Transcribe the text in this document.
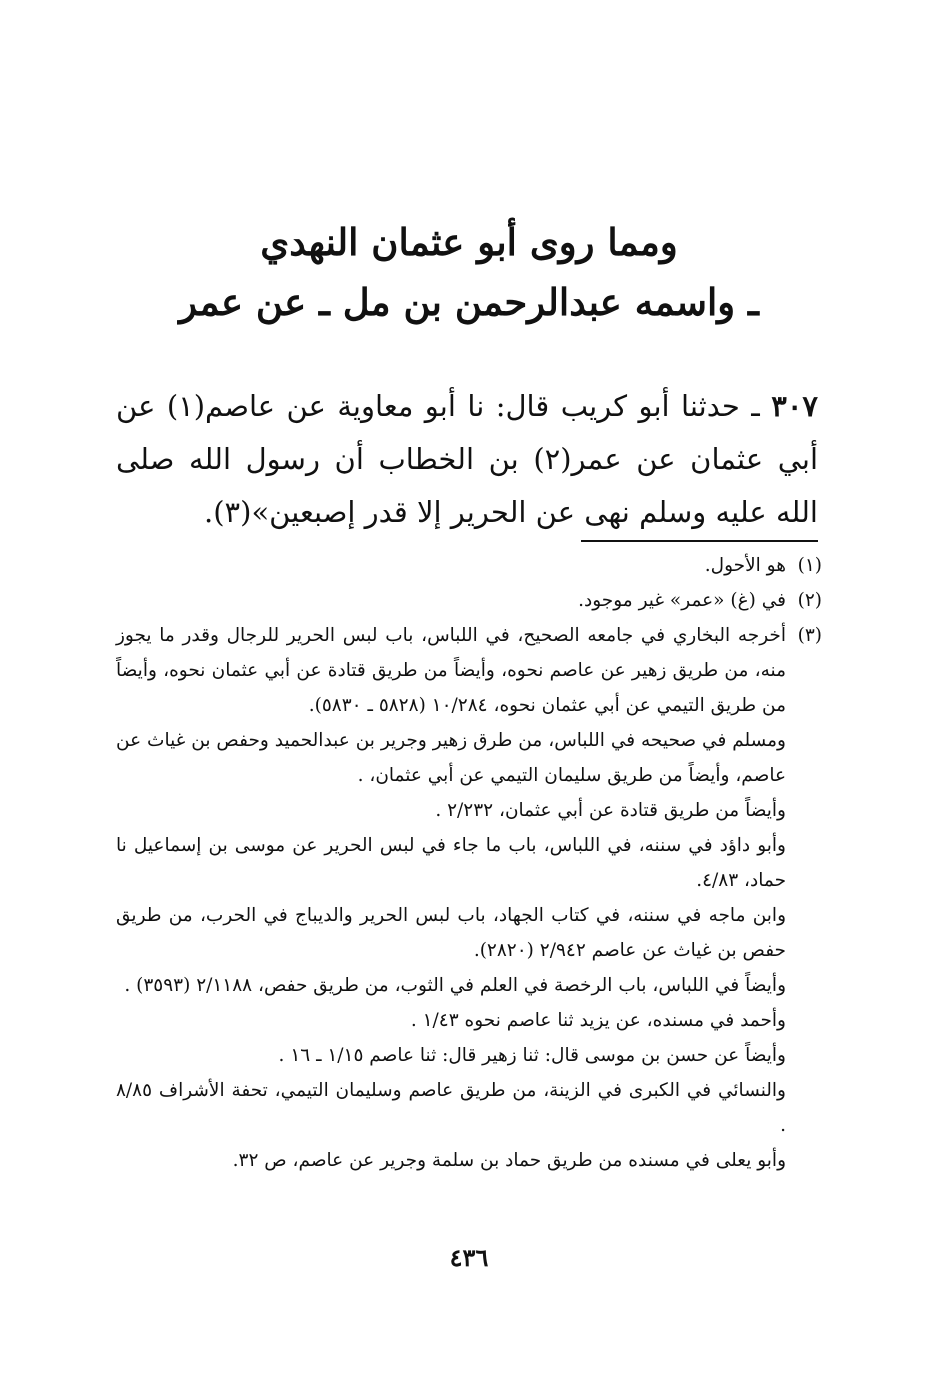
ومما روى أبو عثمان النهدي
ـ واسمه عبدالرحمن بن مل ـ عن عمر
٣٠٧ ـ حدثنا أبو كريب قال: نا أبو معاوية عن عاصم(١) عن أبي عثمان عن عمر(٢) بن الخطاب أن رسول الله صلى الله عليه وسلم نهى عن الحرير إلا قدر إصبعين»(٣).
(١)هو الأحول.
(٢)في (غ) «عمر» غير موجود.
(٣)أخرجه البخاري في جامعه الصحيح، في اللباس، باب لبس الحرير للرجال وقدر ما يجوز منه، من طريق زهير عن عاصم نحوه، وأيضاً من طريق قتادة عن أبي عثمان نحوه، وأيضاً من طريق التيمي عن أبي عثمان نحوه، ١٠/٢٨٤ (٥٨٢٨ ـ ٥٨٣٠).
ومسلم في صحيحه في اللباس، من طرق زهير وجرير بن عبدالحميد وحفص بن غياث عن عاصم، وأيضاً من طريق سليمان التيمي عن أبي عثمان، .
وأيضاً من طريق قتادة عن أبي عثمان، ٢/٢٣٢ .
وأبو داؤد في سننه، في اللباس، باب ما جاء في لبس الحرير عن موسى بن إسماعيل نا حماد، ٤/٨٣.
وابن ماجه في سننه، في كتاب الجهاد، باب لبس الحرير والديباج في الحرب، من طريق حفص بن غياث عن عاصم ٢/٩٤٢ (٢٨٢٠).
وأيضاً في اللباس، باب الرخصة في العلم في الثوب، من طريق حفص، ٢/١١٨٨ (٣٥٩٣) .
وأحمد في مسنده، عن يزيد ثنا عاصم نحوه ١/٤٣ .
وأيضاً عن حسن بن موسى قال: ثنا زهير قال: ثنا عاصم ١/١٥ ـ ١٦ .
والنسائي في الكبرى في الزينة، من طريق عاصم وسليمان التيمي، تحفة الأشراف ٨/٨٥ .
وأبو يعلى في مسنده من طريق حماد بن سلمة وجرير عن عاصم، ص ٣٢.
٤٣٦
